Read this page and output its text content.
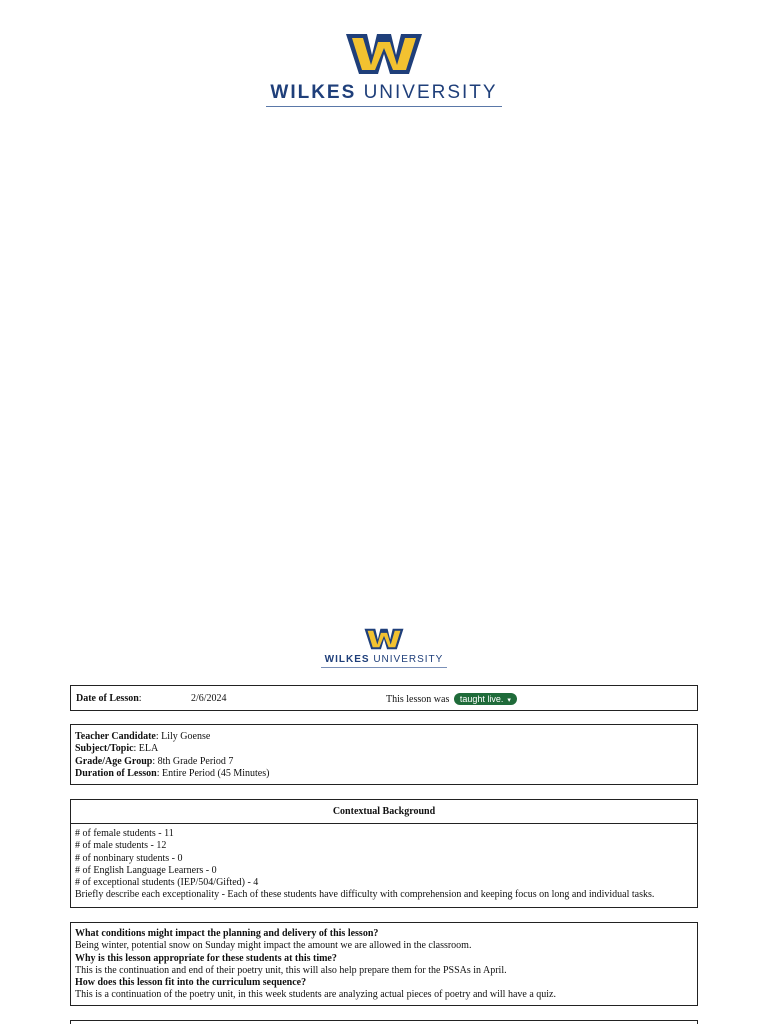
WILKES UNIVERSITY
WILKES UNIVERSITY
Date of Lesson:	2/6/2024	This lesson was taught live. ▾
Teacher Candidate: Lily Goense
Subject/Topic: ELA
Grade/Age Group: 8th Grade Period 7
Duration of Lesson: Entire Period (45 Minutes)
Contextual Background
# of female students - 11
# of male students - 12
# of nonbinary students - 0
# of English Language Learners - 0
# of exceptional students (IEP/504/Gifted) - 4
Briefly describe each exceptionality - Each of these students have difficulty with comprehension and keeping focus on long and individual tasks.
What conditions might impact the planning and delivery of this lesson?
Being winter, potential snow on Sunday might impact the amount we are allowed in the classroom.
Why is this lesson appropriate for these students at this time?
This is the continuation and end of their poetry unit, this will also help prepare them for the PSSAs in April.
How does this lesson fit into the curriculum sequence?
This is a continuation of the poetry unit, in this week students are analyzing actual pieces of poetry and will have a quiz.
